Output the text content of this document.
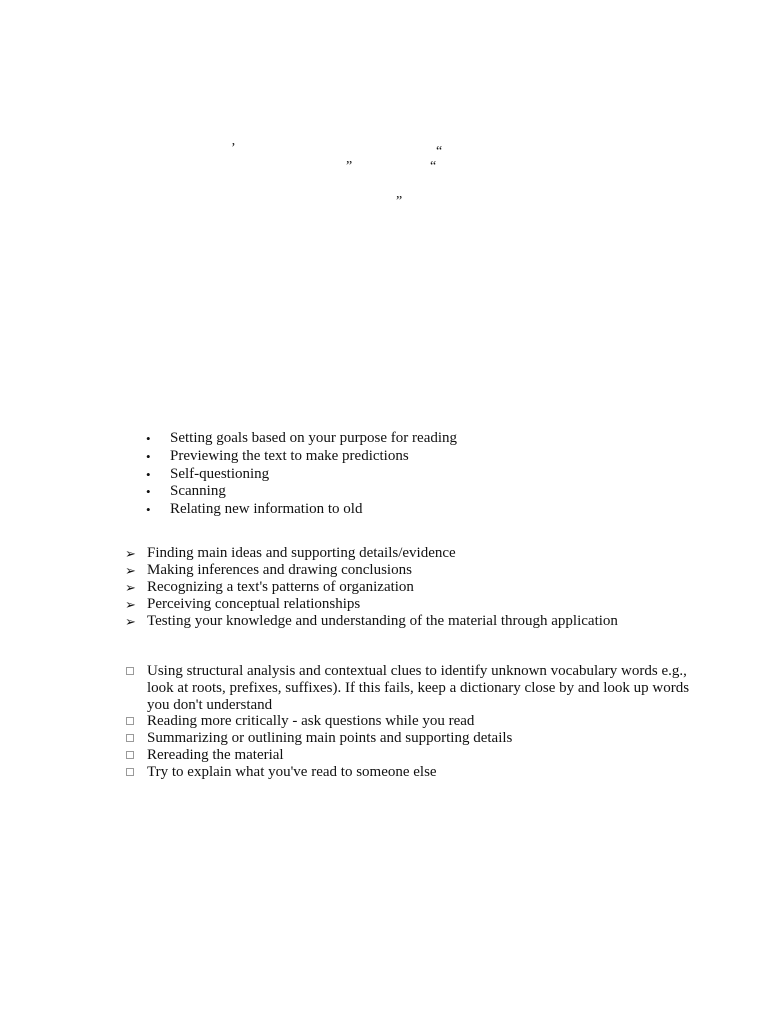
’	“
”	“
”
• Setting goals based on your purpose for reading
• Previewing the text to make predictions
• Self-questioning
• Scanning
• Relating new information to old
➢ Finding main ideas and supporting details/evidence
➢ Making inferences and drawing conclusions
➢ Recognizing a text's patterns of organization
➢ Perceiving conceptual relationships
➢ Testing your knowledge and understanding of the material through application
Using structural analysis and contextual clues to identify unknown vocabulary words e.g., look at roots, prefixes, suffixes). If this fails, keep a dictionary close by and look up words you don't understand
Reading more critically - ask questions while you read
Summarizing or outlining main points and supporting details
Rereading the material
Try to explain what you've read to someone else
